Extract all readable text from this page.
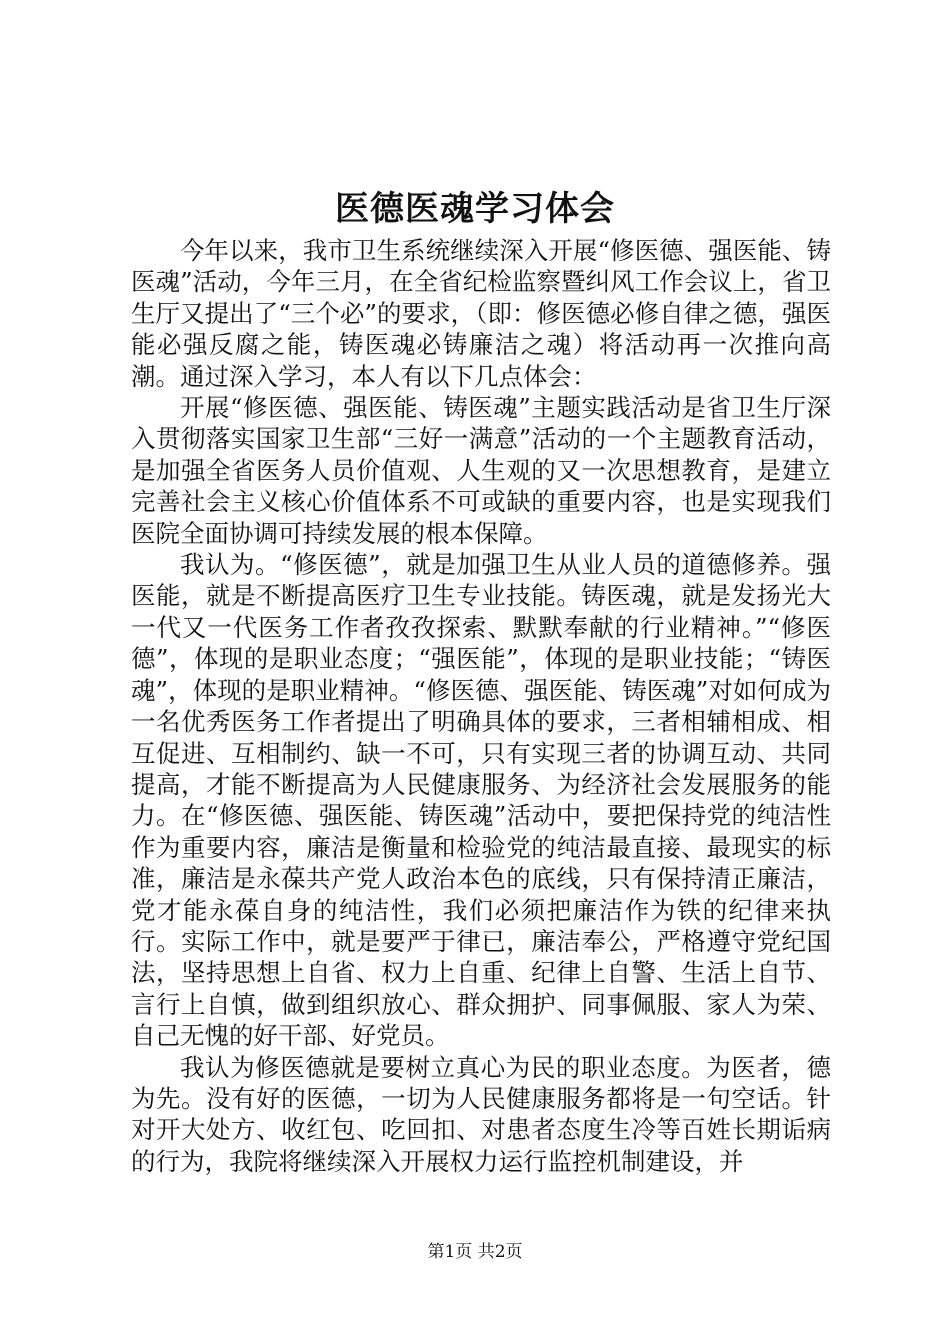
医德医魂学习体会

今年以来，我市卫生系统继续深入开展“修医德、强医能、铸医魂”活动，今年三月，在全省纪检监察暨纠风工作会议上，省卫生厅又提出了“三个必”的要求，（即：修医德必修自律之德，强医能必强反腐之能，铸医魂必铸廉洁之魂）将活动再一次推向高潮。通过深入学习，本人有以下几点体会：

开展“修医德、强医能、铸医魂”主题实践活动是省卫生厅深入贯彻落实国家卫生部“三好一满意”活动的一个主题教育活动，是加强全省医务人员价值观、人生观的又一次思想教育，是建立完善社会主义核心价值体系不可或缺的重要内容，也是实现我们医院全面协调可持续发展的根本保障。

我认为。“修医德”，就是加强卫生从业人员的道德修养。强医能，就是不断提高医疗卫生专业技能。铸医魂，就是发扬光大一代又一代医务工作者孜孜探索、默默奉献的行业精神。”“修医德”，体现的是职业态度；“强医能”，体现的是职业技能；“铸医魂”，体现的是职业精神。“修医德、强医能、铸医魂”对如何成为一名优秀医务工作者提出了明确具体的要求，三者相辅相成、相互促进、互相制约、缺一不可，只有实现三者的协调互动、共同提高，才能不断提高为人民健康服务、为经济社会发展服务的能力。在“修医德、强医能、铸医魂”活动中，要把保持党的纯洁性作为重要内容，廉洁是衡量和检验党的纯洁最直接、最现实的标准，廉洁是永葆共产党人政治本色的底线，只有保持清正廉洁，党才能永葆自身的纯洁性，我们必须把廉洁作为铁的纪律来执行。实际工作中，就是要严于律已，廉洁奉公，严格遵守党纪国法，坚持思想上自省、权力上自重、纪律上自警、生活上自节、言行上自慎，做到组织放心、群众拥护、同事佩服、家人为荣、自己无愧的好干部、好党员。

我认为修医德就是要树立真心为民的职业态度。为医者，德为先。没有好的医德，一切为人民健康服务都将是一句空话。针对开大处方、收红包、吃回扣、对患者态度生冷等百姓长期诟病的行为，我院将继续深入开展权力运行监控机制建设，并

第1页 共2页
